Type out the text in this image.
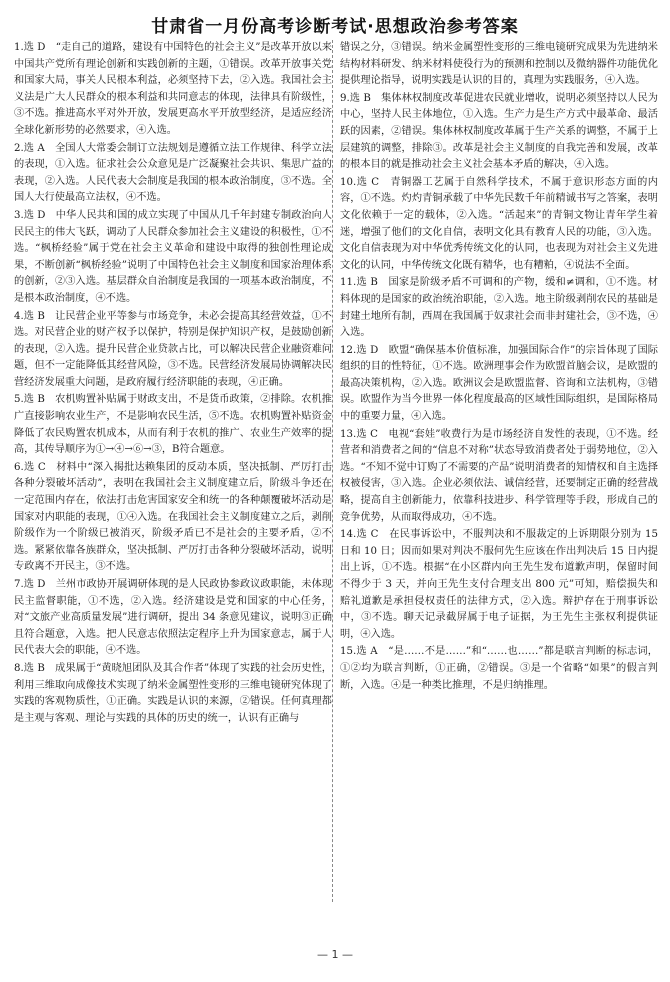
甘肃省一月份高考诊断考试·思想政治参考答案
1.选 D　“走自己的道路，建设有中国特色的社会主义”是改革开放以来中国共产党所有理论创新和实践创新的主题，①错误。改革开放事关党和国家大局，事关人民根本利益，必须坚持下去，②入选。我国社会主义法是广大人民群众的根本利益和共同意志的体现，法律具有阶级性，③不选。推进高水平对外开放，发展更高水平开放型经济，是适应经济全球化新形势的必然要求，④入选。
2.选 A　全国人大常委会制订立法规划是遵循立法工作规律、科学立法的表现，①入选。征求社会公众意见是广泛凝聚社会共识、集思广益的表现，②入选。人民代表大会制度是我国的根本政治制度，③不选。全国人大行使最高立法权，④不选。
3.选 D　中华人民共和国的成立实现了中国从几千年封建专制政治向人民民主的伟大飞跃，调动了人民群众参加社会主义建设的积极性，①不选。“枫桥经验”属于党在社会主义革命和建设中取得的独创性理论成果，不断创新“枫桥经验”说明了中国特色社会主义制度和国家治理体系的创新，②③入选。基层群众自治制度是我国的一项基本政治制度，不是根本政治制度，④不选。
4.选 B　让民营企业平等参与市场竞争，未必会提高其经营效益，①不选。对民营企业的财产权予以保护，特别是保护知识产权，是鼓励创新的表现，②入选。提升民营企业贷款占比，可以解决民营企业融资难问题，但不一定能降低其经营风险，③不选。民营经济发展局协调解决民营经济发展重大问题，是政府履行经济职能的表现，④正确。
5.选 B　农机购置补贴属于财政支出，不是货币政策，②排除。农机推广直接影响农业生产，不是影响农民生活，⑤不选。农机购置补贴资金降低了农民购置农机成本，从而有利于农机的推广、农业生产效率的提高，其传导顺序为①→④→⑥→③，B符合题意。
6.选 C　材料中“深入揭批达赖集团的反动本质，坚决抵制、严厉打击各种分裂破坏活动”，表明在我国社会主义制度建立后，阶级斗争还在一定范围内存在，依法打击危害国家安全和统一的各种颠覆破坏活动是国家对内职能的表现，①④入选。在我国社会主义制度建立之后，剥削阶级作为一个阶级已被消灭，阶级矛盾已不是社会的主要矛盾，②不选。紧紧依靠各族群众，坚决抵制、严厉打击各种分裂破坏活动，说明专政离不开民主，③不选。
7.选 D　兰州市政协开展调研体现的是人民政协参政议政职能，未体现民主监督职能，①不选，②入选。经济建设是党和国家的中心任务，对“文旅产业高质量发展”进行调研，提出 34 条意见建议，说明③正确且符合题意，入选。把人民意志依照法定程序上升为国家意志，属于人民代表大会的职能，④不选。
8.选 B　成果属于“黄晓旭团队及其合作者”体现了实践的社会历史性，利用三维取向成像技术实现了纳米金属塑性变形的三维电镜研究体现了实践的客观物质性，①正确。实践是认识的来源，②错误。任何真理都是主观与客观、理论与实践的具体的历史的统一，认识有正确与
错误之分，③错误。纳米金属塑性变形的三维电镜研究成果为先进纳米结构材料研发、纳米材料使役行为的预测和控制以及微纳器件功能优化提供理论指导，说明实践是认识的目的，真理为实践服务，④入选。
9.选 B　集体林权制度改革促进农民就业增收，说明必须坚持以人民为中心，坚持人民主体地位，①入选。生产力是生产方式中最革命、最活跃的因素，②错误。集体林权制度改革属于生产关系的调整，不属于上层建筑的调整，排除③。改革是社会主义制度的自我完善和发展，改革的根本目的就是推动社会主义社会基本矛盾的解决，④入选。
10.选 C　青铜器工艺属于自然科学技术，不属于意识形态方面的内容，①不选。灼灼青铜承载了中华先民数千年前精诚书写之答案，表明文化依赖于一定的载体，②入选。“活起来”的青铜文物让青年学生着迷，增强了他们的文化自信，表明文化具有教育人民的功能，③入选。文化自信表现为对中华优秀传统文化的认同，也表现为对社会主义先进文化的认同，中华传统文化既有精华，也有糟粕，④说法不全面。
11.选 B　国家是阶级矛盾不可调和的产物，缓和≠调和，①不选。材料体现的是国家的政治统治职能，②入选。地主阶级剥削农民的基础是封建土地所有制，西周在我国属于奴隶社会而非封建社会，③不选，④入选。
12.选 D　欧盟“确保基本价值标准，加强国际合作”的宗旨体现了国际组织的目的性特征，①不选。欧洲理事会作为欧盟首脑会议，是欧盟的最高决策机构，②入选。欧洲议会是欧盟监督、咨询和立法机构，③错误。欧盟作为当今世界一体化程度最高的区域性国际组织，是国际格局中的重要力量，④入选。
13.选 C　电视“套娃”收费行为是市场经济自发性的表现，①不选。经营者和消费者之间的“信息不对称”状态导致消费者处于弱势地位，②入选。“不知不觉中订购了不需要的产品”说明消费者的知情权和自主选择权被侵害，③入选。企业必须依法、诚信经营，还要制定正确的经营战略，提高自主创新能力，依靠科技进步、科学管理等手段，形成自己的竞争优势，从而取得成功，④不选。
14.选 C　在民事诉讼中，不服判决和不服裁定的上诉期限分别为 15 日和 10 日；因而如果对判决不服何先生应该在作出判决后 15 日内提出上诉，①不选。根据“在小区群内向王先生发布道歉声明，保留时间不得少于 3 天，并向王先生支付合理支出 800 元”可知，赔偿损失和赔礼道歉是承担侵权责任的法律方式，②入选。辩护存在于刑事诉讼中，③不选。聊天记录截屏属于电子证据，为王先生主张权利提供证明，④入选。
15.选 A　“是……不是……”和“……也……”都是联言判断的标志词，①②均为联言判断，①正确，②错误。③是一个省略“如果”的假言判断，入选。④是一种类比推理，不是归纳推理。
— 1 —
